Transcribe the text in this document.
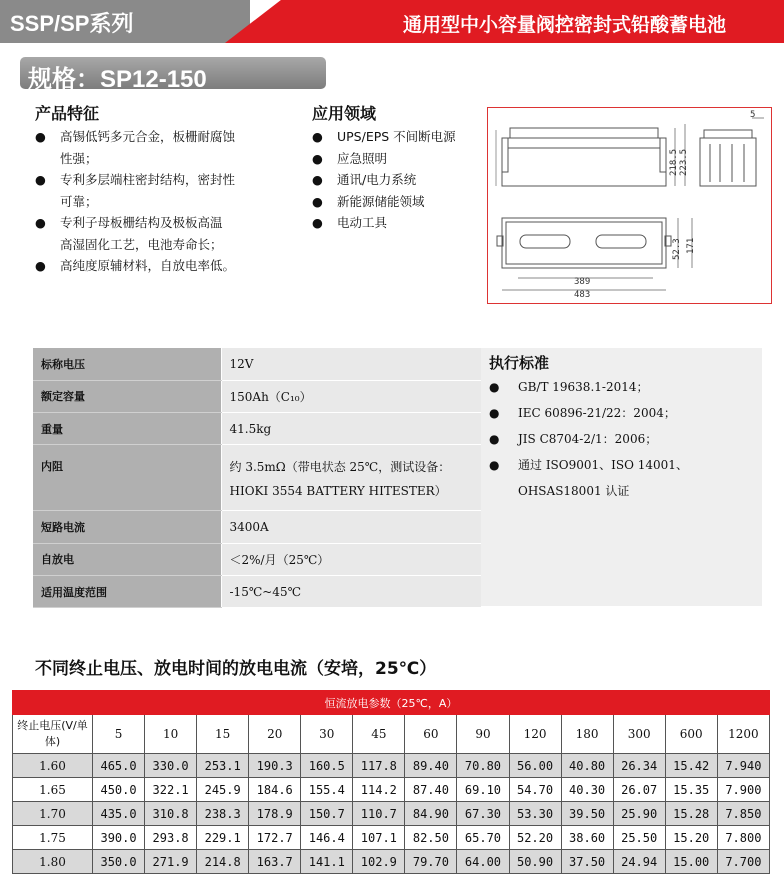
SSP/SP系列	通用型中小容量阀控密封式铅酸蓄电池
规格：SP12-150
产品特征
● 高锡低钙多元合金，板栅耐腐蚀
性强；
● 专利多层端柱密封结构，密封性
可靠；
● 专利子母板栅结构及极板高温
高湿固化工艺，电池寿命长；
● 高纯度原辅材料，自放电率低。
应用领域
● UPS/EPS 不间断电源
● 应急照明
● 通讯/电力系统
● 新能源储能领域
● 电动工具
5
218.5 223.5
52.3 171
389
483
标称电压	12V
额定容量	150Ah（C₁₀）
重量	41.5kg
内阻	约 3.5mΩ（带电状态 25℃，测试设备：
HIOKI 3554 BATTERY HITESTER）

短路电流	3400A
自放电	＜2%/月（25℃）
适用温度范围	-15℃~45℃
执行标准
● GB/T 19638.1-2014；
● IEC 60896-21/22：2004；
● JIS C8704-2/1：2006；
● 通过 ISO9001、ISO 14001、OHSAS18001 认证
不同终止电压、放电时间的放电电流（安培，25℃）
恒流放电参数（25℃，A）													
终止电压(V/单体)	5	10	15	20	30	45	60	90	120	180	300	600	1200
1.60	465.0	330.0	253.1	190.3	160.5	117.8	89.40	70.80	56.00	40.80	26.34	15.42	7.940
1.65	450.0	322.1	245.9	184.6	155.4	114.2	87.40	69.10	54.70	40.30	26.07	15.35	7.900
1.70	435.0	310.8	238.3	178.9	150.7	110.7	84.90	67.30	53.30	39.50	25.90	15.28	7.850
1.75	390.0	293.8	229.1	172.7	146.4	107.1	82.50	65.70	52.20	38.60	25.50	15.20	7.800
1.80	350.0	271.9	214.8	163.7	141.1	102.9	79.70	64.00	50.90	37.50	24.94	15.00	7.700
